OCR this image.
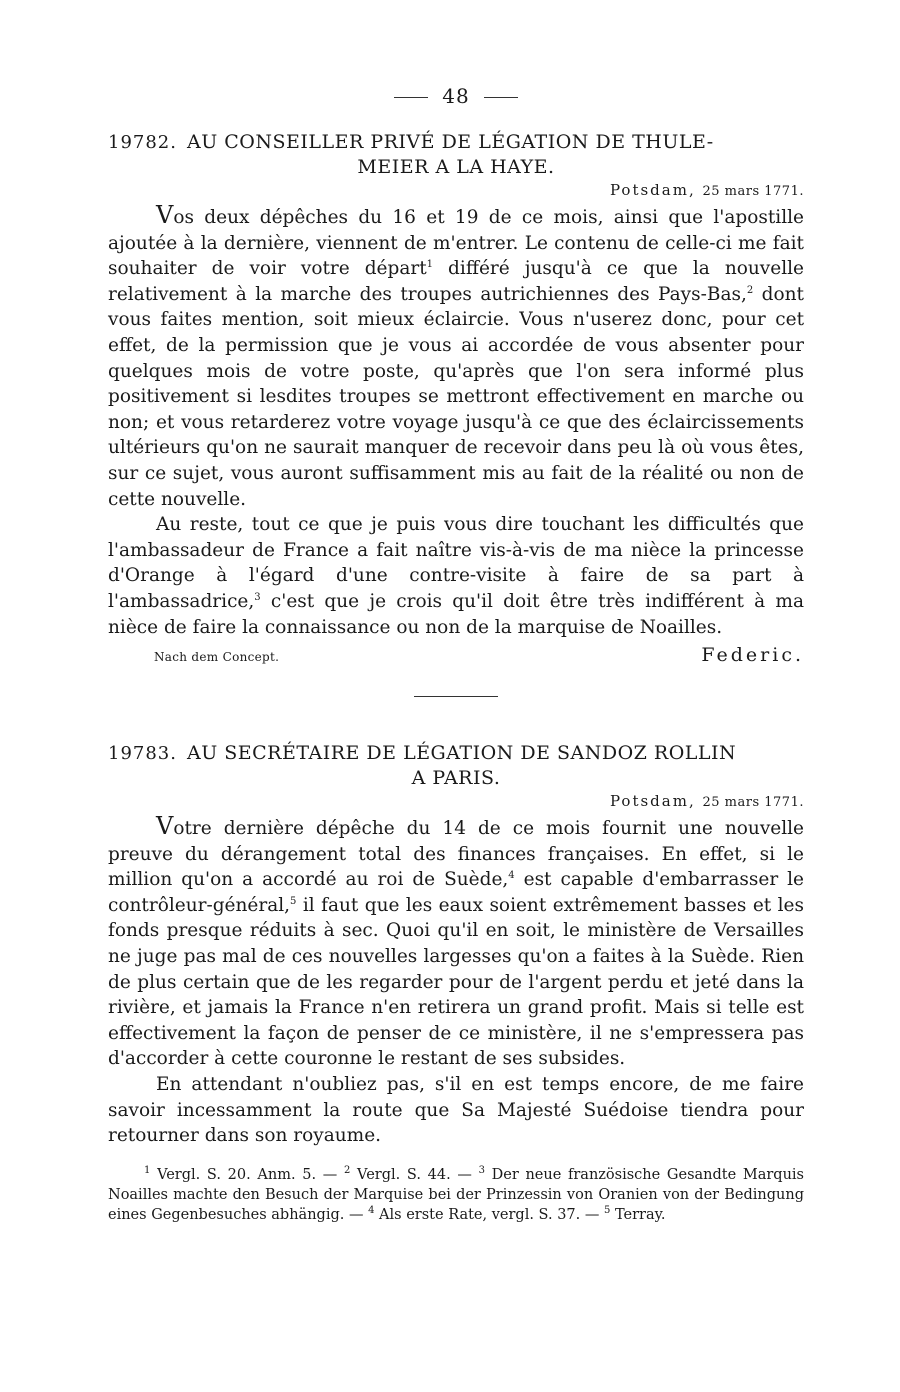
48
19782. AU CONSEILLER PRIVÉ DE LÉGATION DE THULE-
MEIER A LA HAYE.
Potsdam, 25 mars 1771.

Vos deux dépêches du 16 et 19 de ce mois, ainsi que l'apostille ajoutée à la dernière, viennent de m'entrer. Le contenu de celle-ci me fait souhaiter de voir votre départ$^1$ différé jusqu'à ce que la nouvelle relativement à la marche des troupes autrichiennes des Pays-Bas,$^2$ dont vous faites mention, soit mieux éclaircie. Vous n'userez donc, pour cet effet, de la permission que je vous ai accordée de vous absenter pour quelques mois de votre poste, qu'après que l'on sera informé plus positivement si lesdites troupes se mettront effectivement en marche ou non; et vous retarderez votre voyage jusqu'à ce que des éclaircissements ultérieurs qu'on ne saurait manquer de recevoir dans peu là où vous êtes, sur ce sujet, vous auront suffisamment mis au fait de la réalité ou non de cette nouvelle.

Au reste, tout ce que je puis vous dire touchant les difficultés que l'ambassadeur de France a fait naître vis-à-vis de ma nièce la princesse d'Orange à l'égard d'une contre-visite à faire de sa part à l'ambassadrice,$^3$ c'est que je crois qu'il doit être très indifférent à ma nièce de faire la connaissance ou non de la marquise de Noailles.

Nach dem Concept.	Federic.
19783. AU SECRÉTAIRE DE LÉGATION DE SANDOZ ROLLIN
A PARIS.
Potsdam, 25 mars 1771.

Votre dernière dépêche du 14 de ce mois fournit une nouvelle preuve du dérangement total des finances françaises. En effet, si le million qu'on a accordé au roi de Suède,$^4$ est capable d'embarrasser le contrôleur-général,$^5$ il faut que les eaux soient extrêmement basses et les fonds presque réduits à sec. Quoi qu'il en soit, le ministère de Versailles ne juge pas mal de ces nouvelles largesses qu'on a faites à la Suède. Rien de plus certain que de les regarder pour de l'argent perdu et jeté dans la rivière, et jamais la France n'en retirera un grand profit. Mais si telle est effectivement la façon de penser de ce ministère, il ne s'empressera pas d'accorder à cette couronne le restant de ses subsides.

En attendant n'oubliez pas, s'il en est temps encore, de me faire savoir incessamment la route que Sa Majesté Suédoise tiendra pour retourner dans son royaume.

$^1$ Vergl. S. 20. Anm. 5. — $^2$ Vergl. S. 44. — $^3$ Der neue französische Gesandte Marquis Noailles machte den Besuch der Marquise bei der Prinzessin von Oranien von der Bedingung eines Gegenbesuches abhängig. — $^4$ Als erste Rate, vergl. S. 37. — $^5$ Terray.
